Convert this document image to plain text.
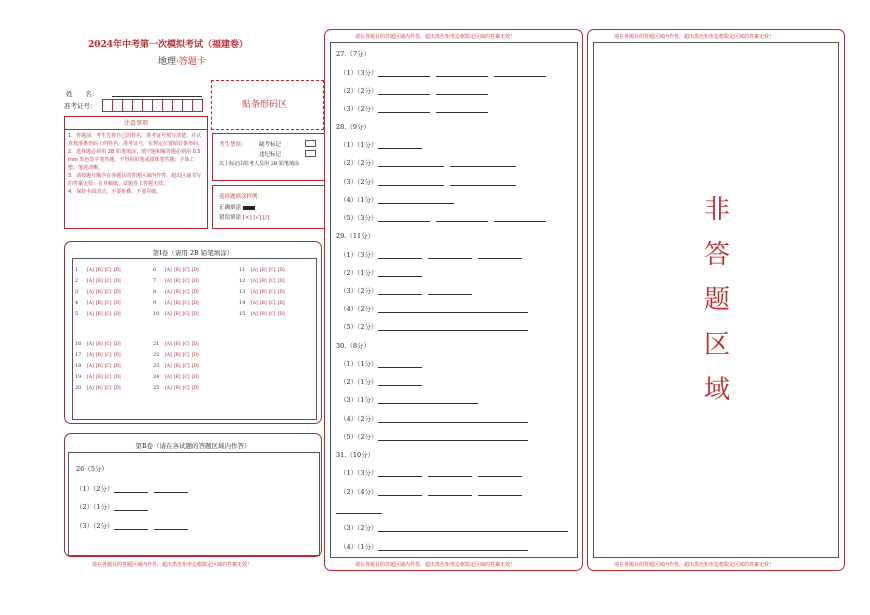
2024年中考第一次模拟考试（福建卷）
地理·答题卡
姓　　名：
准考证号：	贴条形码区
注意事项
1．答题前，考生先将自己的姓名，准考证号填写清楚，并认真核准条形码上的姓名、准考证号，在规定位置贴好条形码。
2．选择题必须用 2B 铅笔填涂；填空题和解答题必须用 0.5 mm 黑色签字笔答题，不得用铅笔或圆珠笔答题；字体工整、笔迹清晰。
3．请按题号顺序在各题目的答题区域内作答，超出区域书写的答案无效；在草稿纸、试题卷上答题无效。
4．保持卡面清洁，不要折叠、不要弄破。
考生禁填： 缺考标记
违纪标记
以上标记由监考人员用 2B 铅笔填涂
选择题填涂样例：
正确填涂
错误填涂 [×] [√] [/]
第Ⅰ卷（请用 2B 铅笔填涂）
1 [A] [B] [C] [D]	6 [A] [B] [C] [D]	11 [A] [B] [C] [D]
2 [A] [B] [C] [D]	7 [A] [B] [C] [D]	12 [A] [B] [C] [D]
3 [A] [B] [C] [D]	8 [A] [B] [C] [D]	13 [A] [B] [C] [D]
4 [A] [B] [C] [D]	9 [A] [B] [C] [D]	14 [A] [B] [C] [D]
5 [A] [B] [C] [D]	10 [A] [B] [C] [D]	15 [A] [B] [C] [D]
16 [A] [B] [C] [D]	21 [A] [B] [C] [D]
17 [A] [B] [C] [D]	22 [A] [B] [C] [D]
18 [A] [B] [C] [D]	23 [A] [B] [C] [D]
19 [A] [B] [C] [D]	24 [A] [B] [C] [D]
20 [A] [B] [C] [D]	25 [A] [B] [C] [D]
第Ⅱ卷（请在各试题的答题区域内作答）
26（5分）
（1）（2分）
（2）（1分）
（3）（2分）
请在各题目的答题区域内作答，超出黑色矩形边框限定区域的答案无效！
请在各题目的答题区域内作答，超出黑色矩形边框限定区域的答案无效！
请在各题目的答题区域内作答，超出黑色矩形边框限定区域的答案无效！
27.（7分）
（1）（3分）
（2）（2分）
（3）（2分）
28.（9分）
（1）（1分）
（2）（2分）
（3）（2分）
（4）（1分）
（5）（3分）
29.（11分）
（1）（3分）
（2）（1分）
（3）（2分）
（4）（2分）
（5）（2分）
30.（8分）
（1）（1分）
（2）（1分）
（3）（1分）
（4）（2分）
（5）（2分）
31.（10分）
（1）（3分）
（2）（4分）
（3）（2分）
（4）（1分）
请在各题目的答题区域内作答，超出黑色矩形边框限定区域的答案无效！
请在各题目的答题区域内作答，超出黑色矩形边框限定区域的答案无效！
非
答
题
区
域
